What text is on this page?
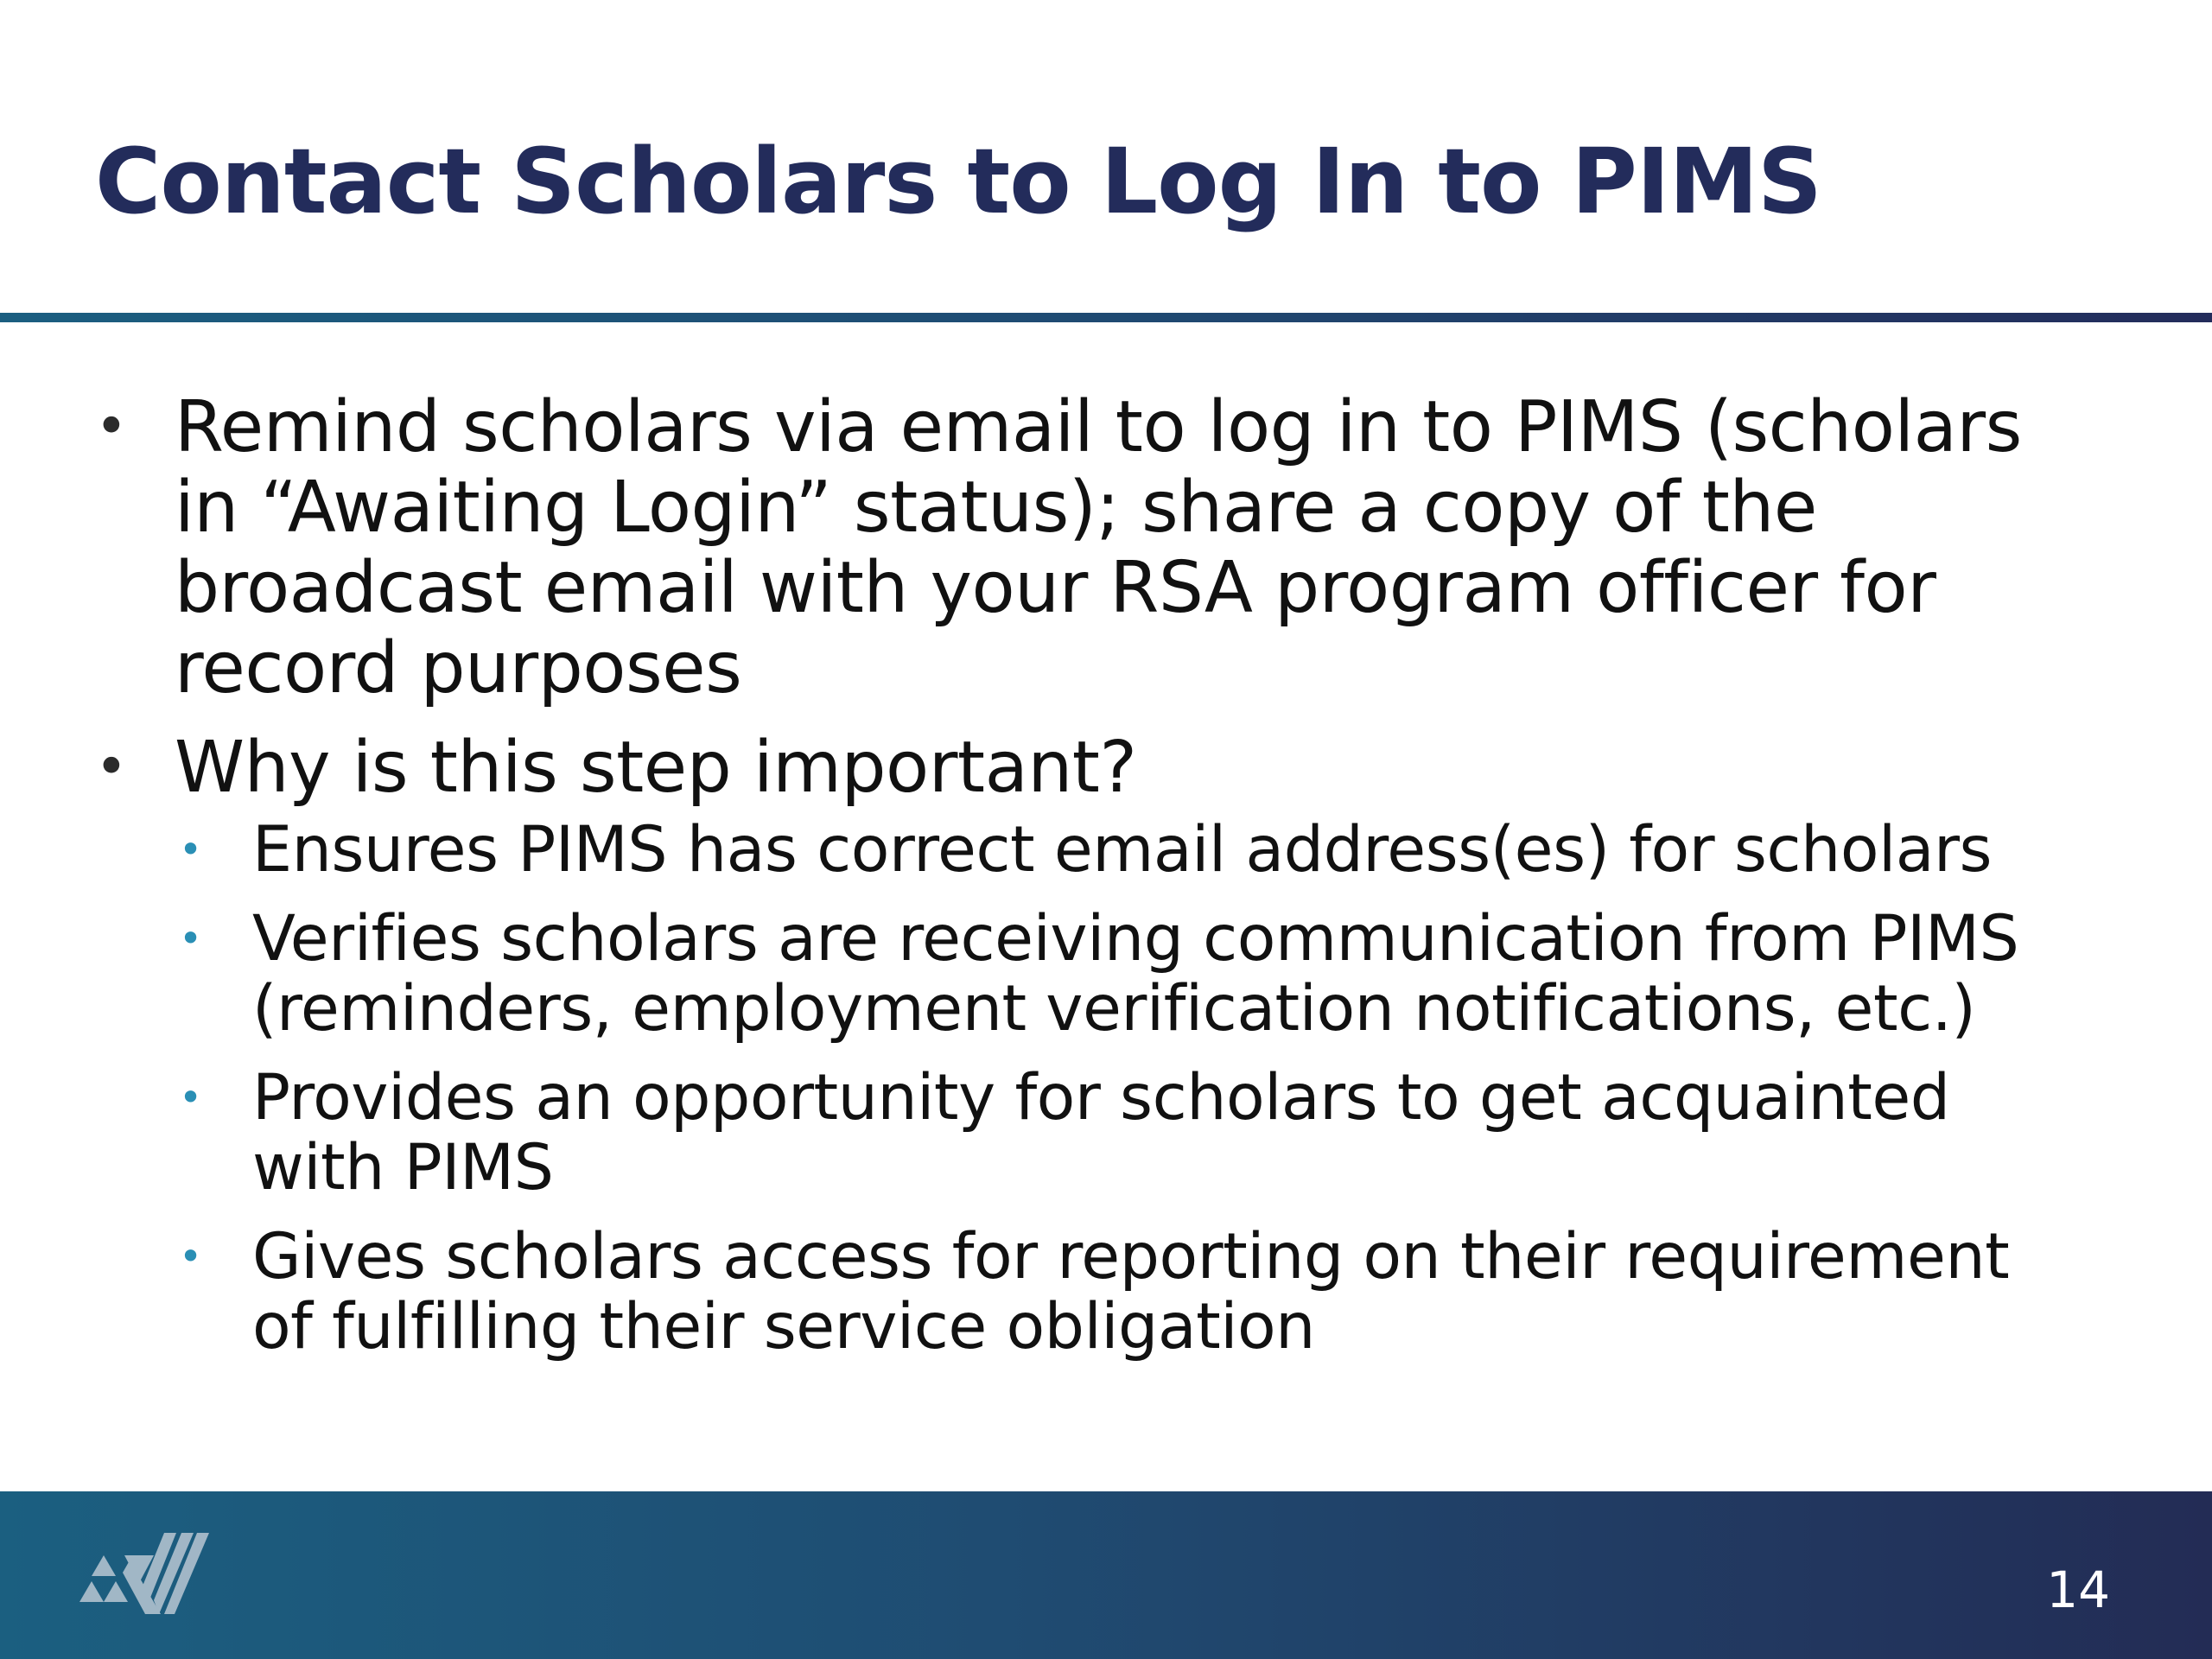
Contact Scholars to Log In to PIMS
• Remind scholars via email to log in to PIMS (scholars in “Awaiting Login” status); share a copy of the broadcast email with your RSA program officer for record purposes
• Why is this step important?
• Ensures PIMS has correct email address(es) for scholars
• Verifies scholars are receiving communication from PIMS (reminders, employment verification notifications, etc.)
• Provides an opportunity for scholars to get acquainted with PIMS
• Gives scholars access for reporting on their requirement of fulfilling their service obligation
14
